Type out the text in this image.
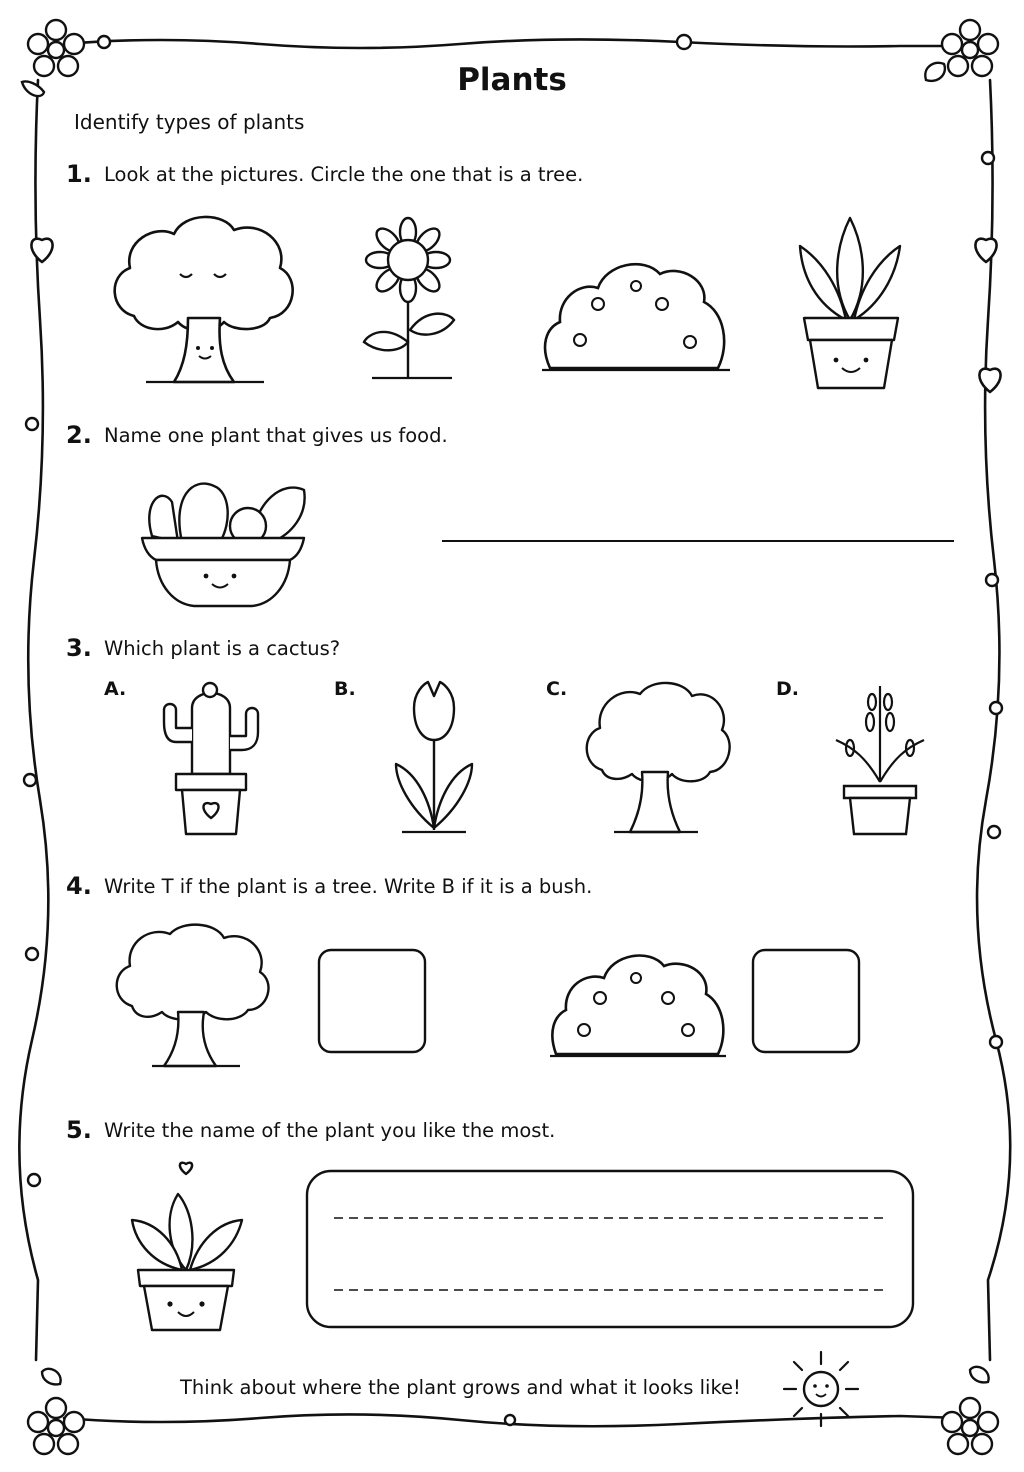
Plants
Identify types of plants
1. Look at the pictures. Circle the one that is a tree.
2. Name one plant that gives us food.
3. Which plant is a cactus?
A.	B.	C.	D.
4. Write T if the plant is a tree. Write B if it is a bush.
5. Write the name of the plant you like the most.
Think about where the plant grows and what it looks like!
